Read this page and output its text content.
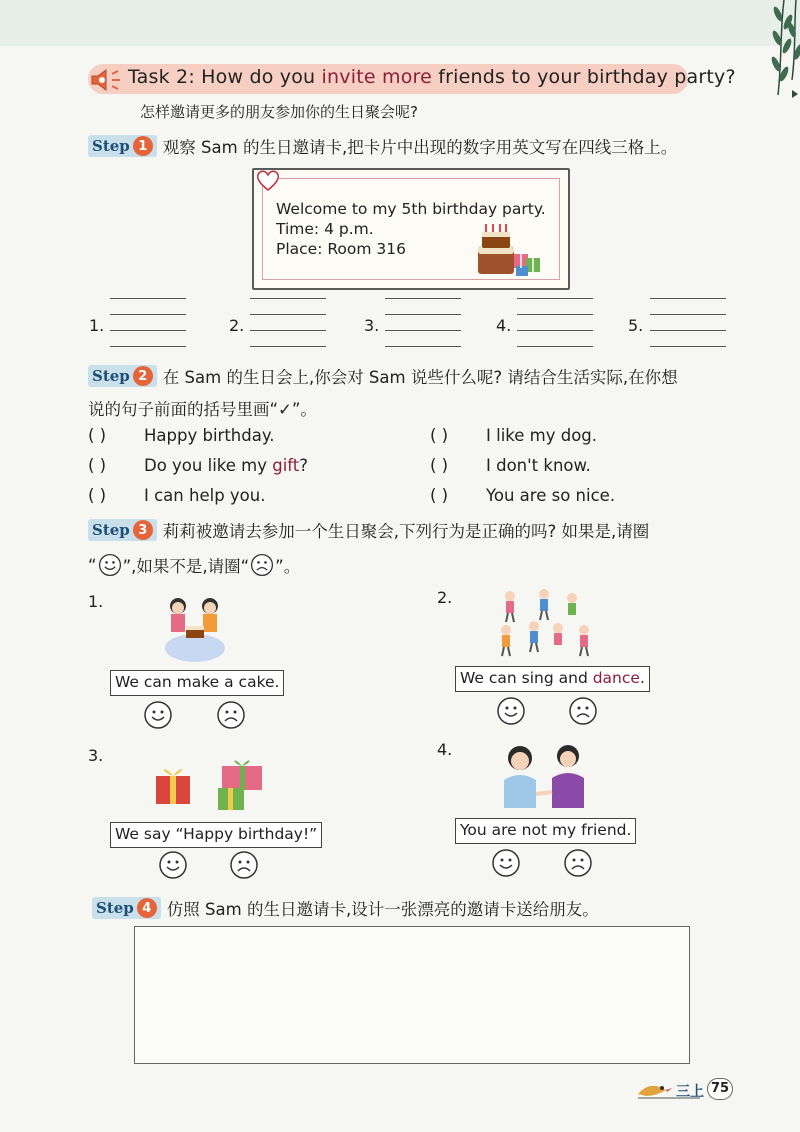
Task 2: How do you invite more friends to your birthday party?
怎样邀请更多的朋友参加你的生日聚会呢?
Step 1 观察 Sam 的生日邀请卡,把卡片中出现的数字用英文写在四线三格上。
Welcome to my 5th birthday party.
Time: 4 p.m.
Place: Room 316
1.	2.	3.	4.	5.
Step 2 在 Sam 的生日会上,你会对 Sam 说些什么呢? 请结合生活实际,在你想
说的句子前面的括号里画“✓”。
( ) Happy birthday.
( ) Do you like my gift?
( ) I can help you.
( ) I like my dog.
( ) I don't know.
( ) You are so nice.
Step 3 莉莉被邀请去参加一个生日聚会,下列行为是正确的吗? 如果是,请圈
“ ”,如果不是,请圈“ ”。
1.
We can make a cake.
2.
We can sing and dance.
3.
We say “Happy birthday!”
4.
You are not my friend.
Step 4 仿照 Sam 的生日邀请卡,设计一张漂亮的邀请卡送给朋友。
三上 75
